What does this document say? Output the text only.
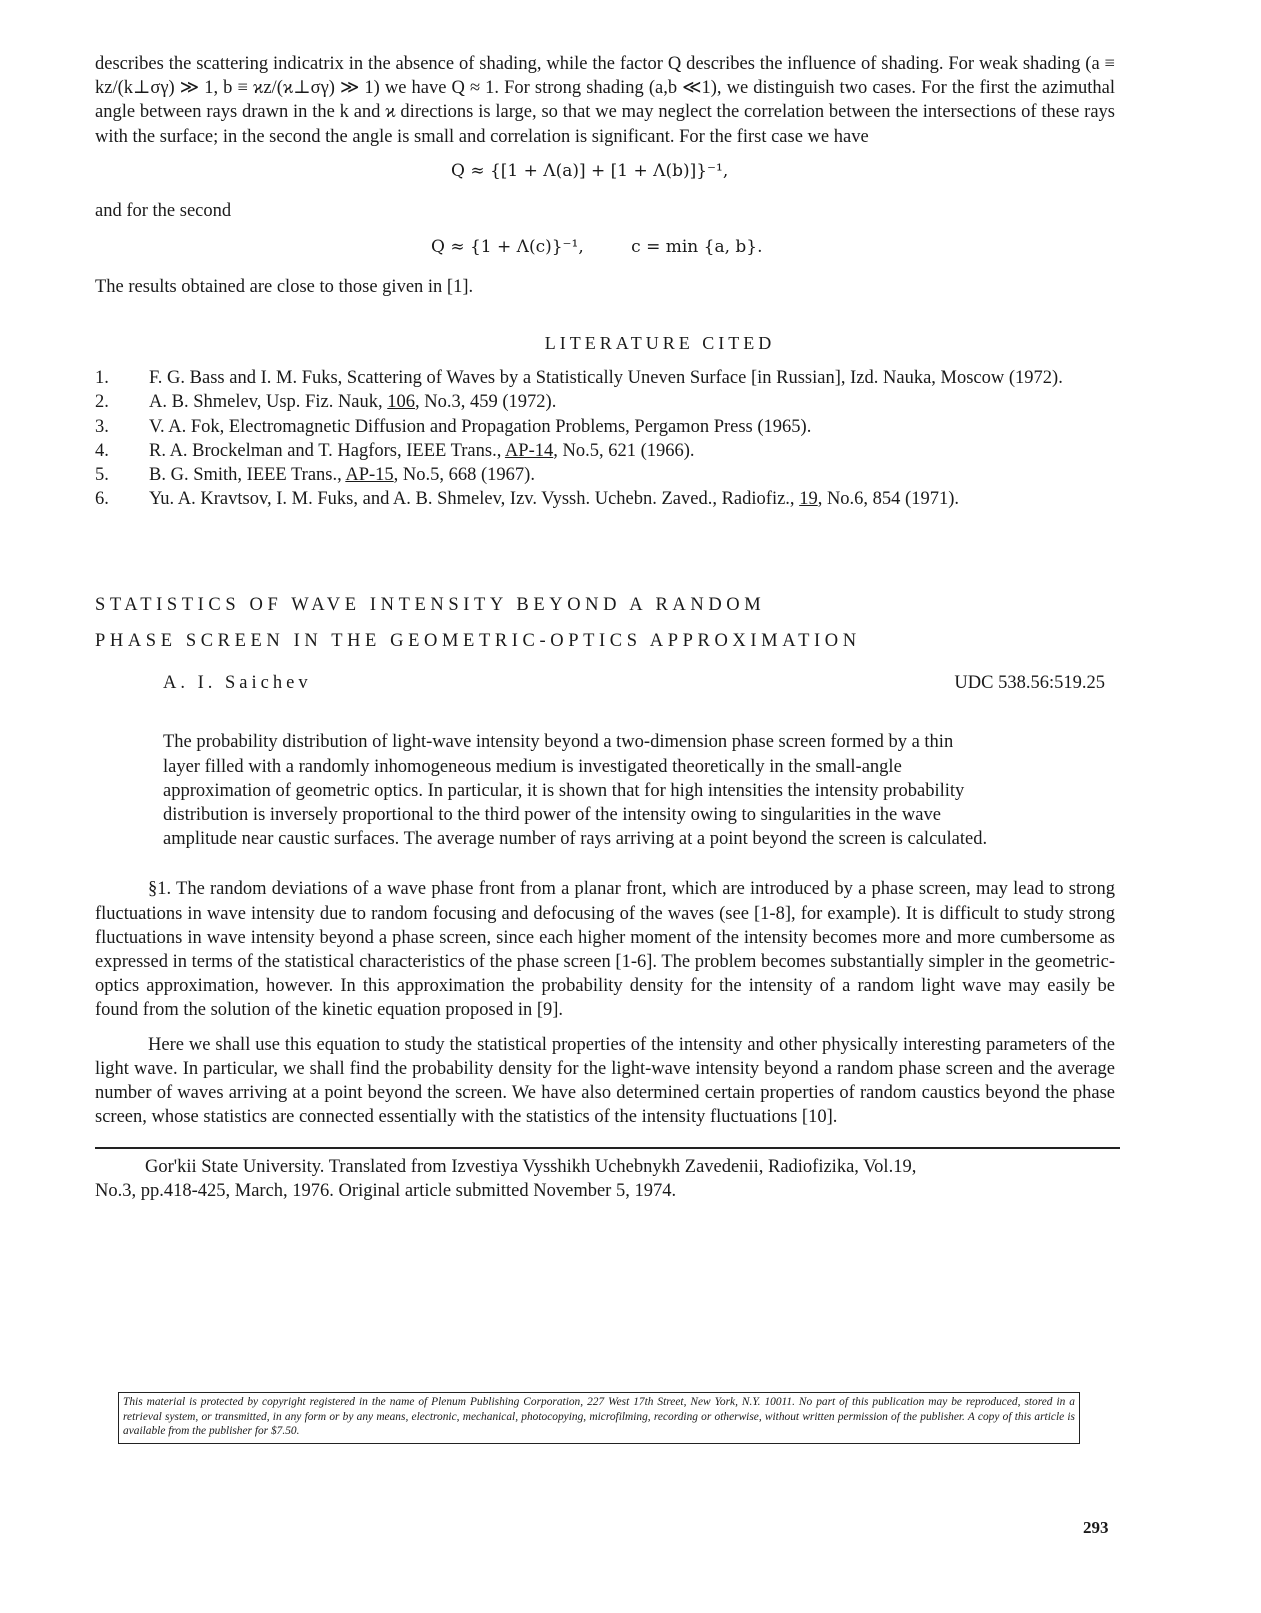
describes the scattering indicatrix in the absence of shading, while the factor Q describes the influence of shading. For weak shading (a ≡ kz/(k⊥σγ) ≫ 1, b ≡ ϰz/(ϰ⊥σγ) ≫ 1) we have Q ≈ 1. For strong shading (a,b ≪1), we distinguish two cases. For the first the azimuthal angle between rays drawn in the k and ϰ directions is large, so that we may neglect the correlation between the intersections of these rays with the surface; in the second the angle is small and correlation is significant. For the first case we have

Q ≈ {[1 + Λ(a)] + [1 + Λ(b)]}⁻¹,

and for the second

Q ≈ {1 + Λ(c)}⁻¹,	c = min {a, b}.

The results obtained are close to those given in [1].

LITERATURE CITED
1. F. G. Bass and I. M. Fuks, Scattering of Waves by a Statistically Uneven Surface [in Russian], Izd. Nauka, Moscow (1972).
2. A. B. Shmelev, Usp. Fiz. Nauk, 106, No.3, 459 (1972).
3. V. A. Fok, Electromagnetic Diffusion and Propagation Problems, Pergamon Press (1965).
4. R. A. Brockelman and T. Hagfors, IEEE Trans., AP-14, No.5, 621 (1966).
5. B. G. Smith, IEEE Trans., AP-15, No.5, 668 (1967).
6. Yu. A. Kravtsov, I. M. Fuks, and A. B. Shmelev, Izv. Vyssh. Uchebn. Zaved., Radiofiz., 19, No.6, 854 (1971).
STATISTICS OF WAVE INTENSITY BEYOND A RANDOM
PHASE SCREEN IN THE GEOMETRIC-OPTICS APPROXIMATION
A. I. Saichev	UDC 538.56:519.25

The probability distribution of light-wave intensity beyond a two-dimension phase screen formed by a thin layer filled with a randomly inhomogeneous medium is investigated theoretically in the small-angle approximation of geometric optics. In particular, it is shown that for high intensities the intensity probability distribution is inversely proportional to the third power of the intensity owing to singularities in the wave amplitude near caustic surfaces. The average number of rays arriving at a point beyond the screen is calculated.

§1. The random deviations of a wave phase front from a planar front, which are introduced by a phase screen, may lead to strong fluctuations in wave intensity due to random focusing and defocusing of the waves (see [1-8], for example). It is difficult to study strong fluctuations in wave intensity beyond a phase screen, since each higher moment of the intensity becomes more and more cumbersome as expressed in terms of the statistical characteristics of the phase screen [1-6]. The problem becomes substantially simpler in the geometric-optics approximation, however. In this approximation the probability density for the intensity of a random light wave may easily be found from the solution of the kinetic equation proposed in [9].

Here we shall use this equation to study the statistical properties of the intensity and other physically interesting parameters of the light wave. In particular, we shall find the probability density for the light-wave intensity beyond a random phase screen and the average number of waves arriving at a point beyond the screen. We have also determined certain properties of random caustics beyond the phase screen, whose statistics are connected essentially with the statistics of the intensity fluctuations [10].

Gor'kii State University. Translated from Izvestiya Vysshikh Uchebnykh Zavedenii, Radiofizika, Vol.19,
No.3, pp.418-425, March, 1976. Original article submitted November 5, 1974.
This material is protected by copyright registered in the name of Plenum Publishing Corporation, 227 West 17th Street, New York, N.Y. 10011. No part of this publication may be reproduced, stored in a retrieval system, or transmitted, in any form or by any means, electronic, mechanical, photocopying, microfilming, recording or otherwise, without written permission of the publisher. A copy of this article is available from the publisher for $7.50.
293
